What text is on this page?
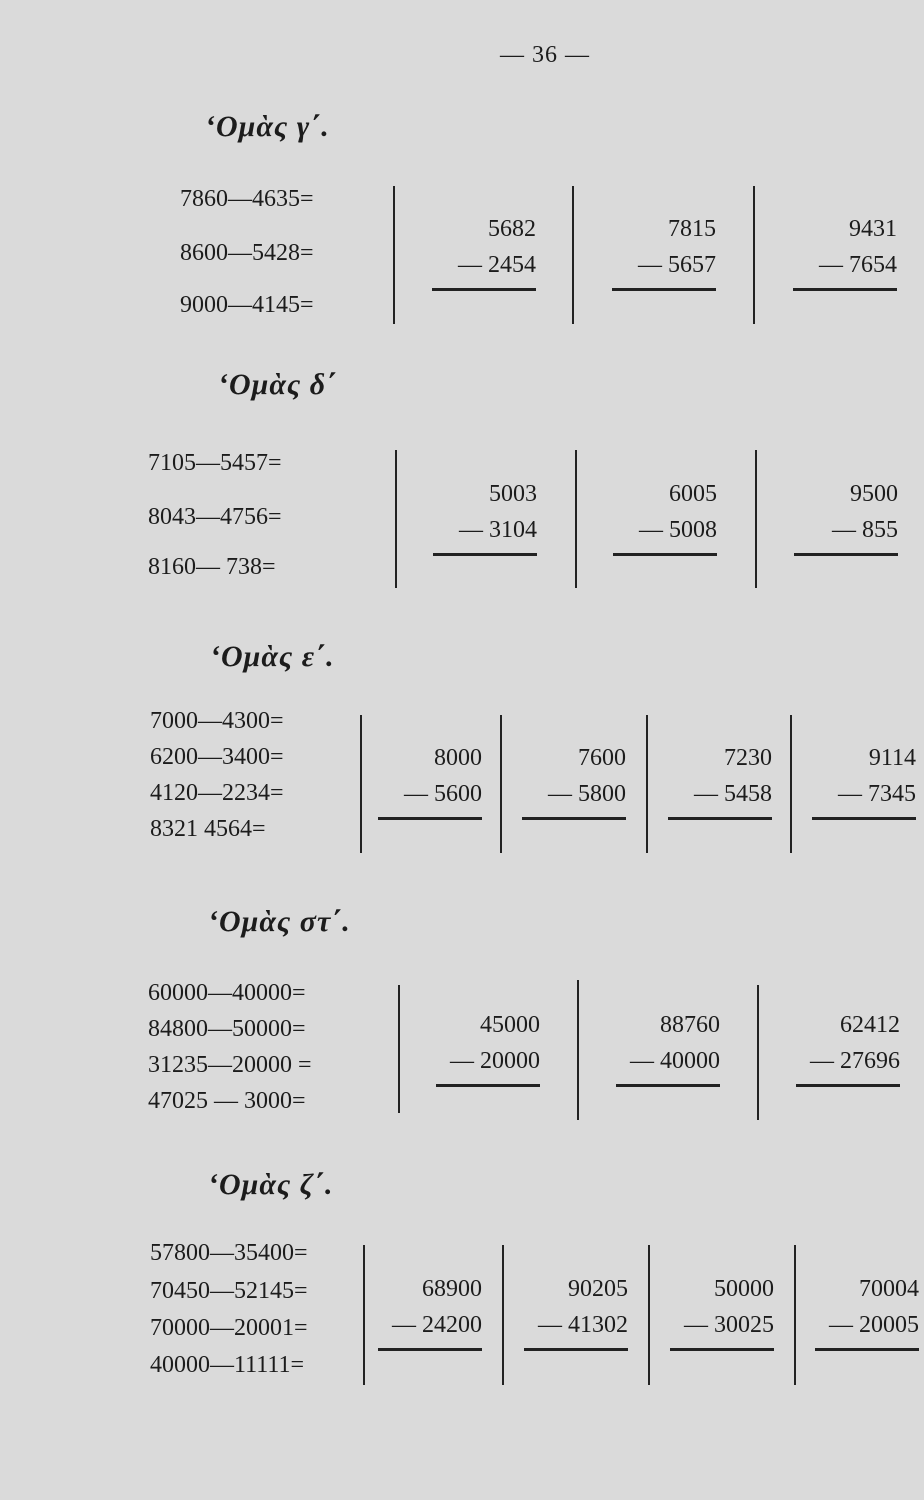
— 36 —
‘Ομὰς γ΄.
7860—4635=
8600—5428=
9000—4145=
5682
— 2454
7815
— 5657
9431
— 7654
‘Ομὰς δ΄
7105—5457=
8043—4756=
8160— 738=
5003
— 3104
6005
— 5008
9500
— 855
‘Ομὰς ε΄.
7000—4300=
6200—3400=
4120—2234=
8321 4564=
8000
— 5600
7600
— 5800
7230
— 5458
9114
— 7345
‘Ομὰς στ΄.
60000—40000=
84800—50000=
31235—20000 =
47025 — 3000=
45000
— 20000
88760
— 40000
62412
— 27696
‘Ομὰς ζ΄.
57800—35400=
70450—52145=
70000—20001=
40000—11111=
68900
— 24200
90205
— 41302
50000
— 30025
70004
— 20005
